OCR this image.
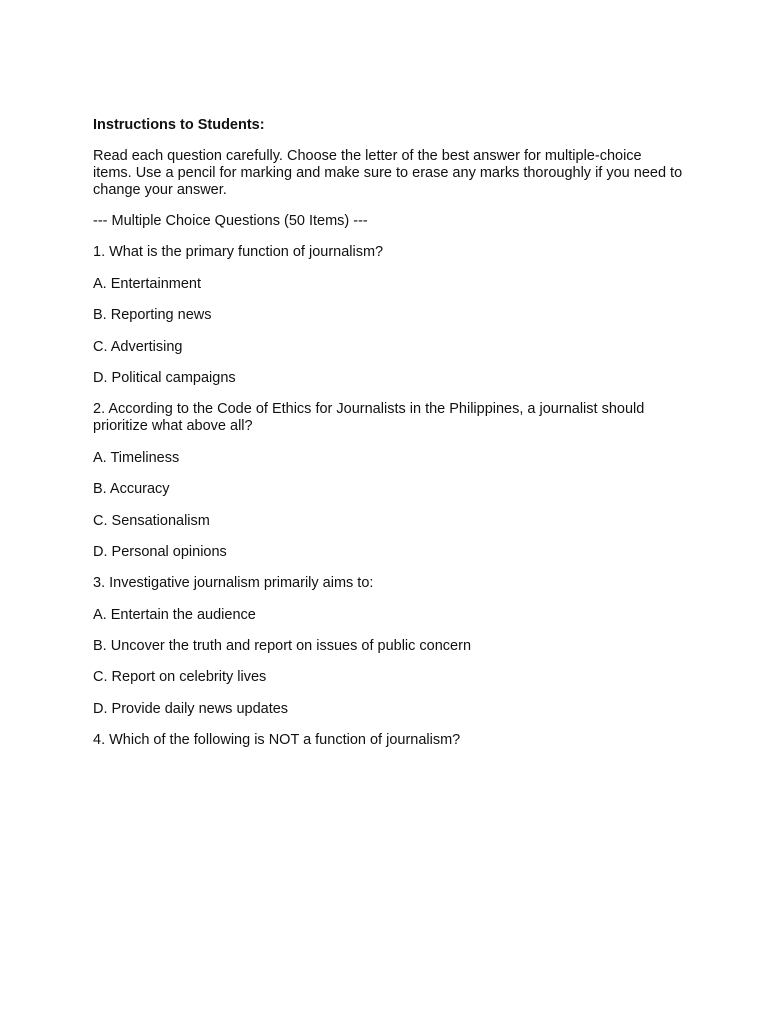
Instructions to Students:
Read each question carefully. Choose the letter of the best answer for multiple-choice items. Use a pencil for marking and make sure to erase any marks thoroughly if you need to change your answer.
--- Multiple Choice Questions (50 Items) ---
1. What is the primary function of journalism?
A. Entertainment
B. Reporting news
C. Advertising
D. Political campaigns
2. According to the Code of Ethics for Journalists in the Philippines, a journalist should prioritize what above all?
A. Timeliness
B. Accuracy
C. Sensationalism
D. Personal opinions
3. Investigative journalism primarily aims to:
A. Entertain the audience
B. Uncover the truth and report on issues of public concern
C. Report on celebrity lives
D. Provide daily news updates
4. Which of the following is NOT a function of journalism?
